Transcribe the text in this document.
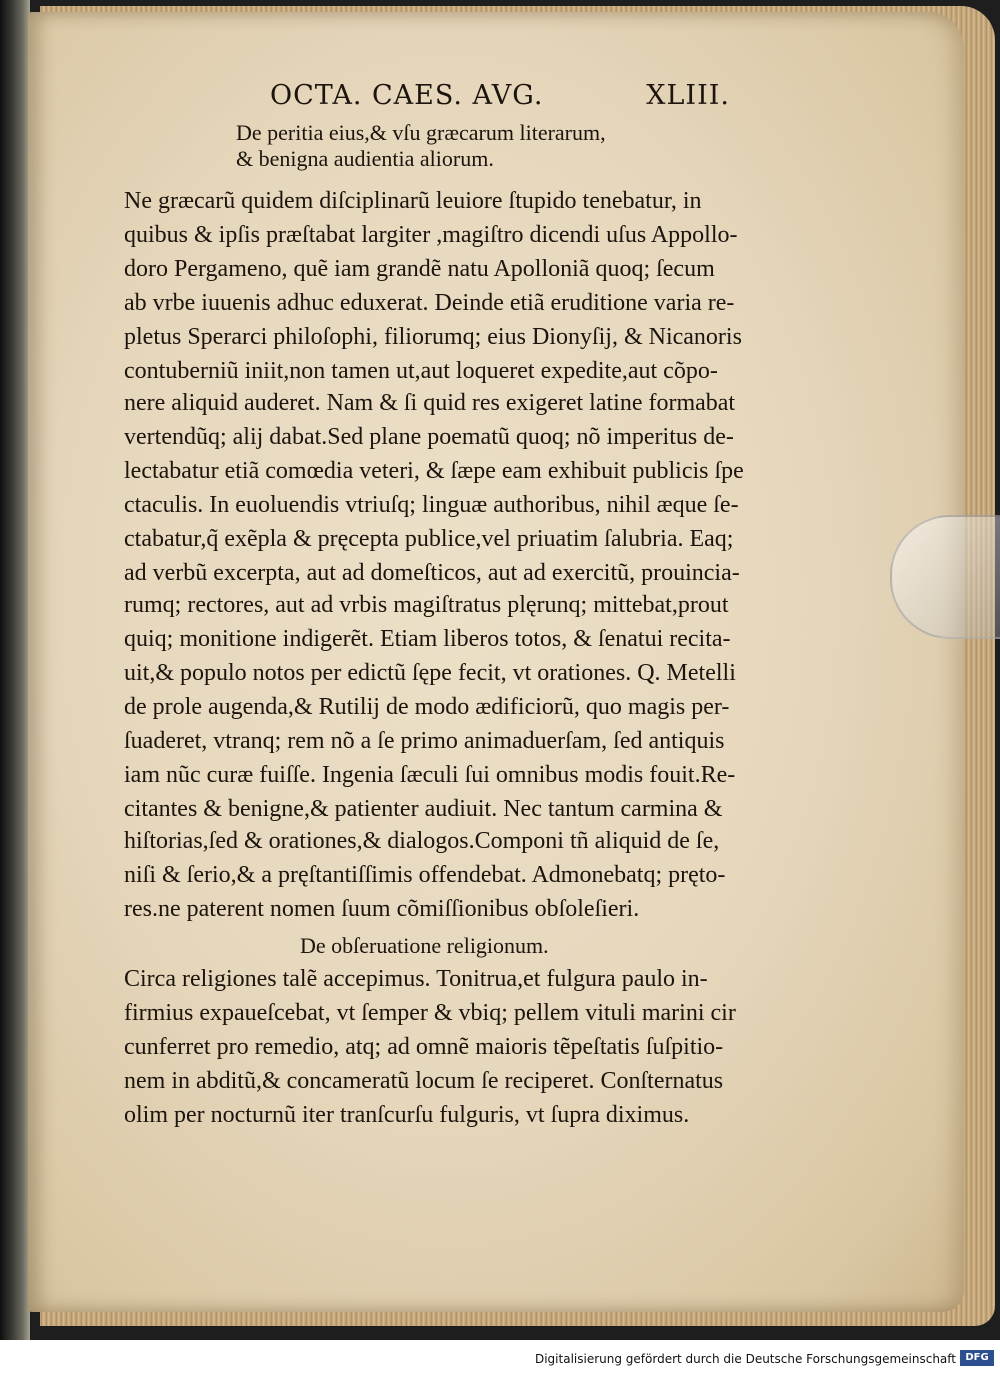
OCTA. CAES. AVG.	XLIII.
De peritia eius,& vſu græcarum literarum,
& benigna audientia aliorum.
Ne græcarũ quidem diſciplinarũ leuiore ſtupido tenebatur, in
quibus & ipſis præſtabat largiter ,magiſtro dicendi uſus Appollo-
doro Pergameno, quẽ iam grandẽ natu Apolloniã quoq; ſecum
ab vrbe iuuenis adhuc eduxerat. Deinde etiã eruditione varia re-
pletus Sperarci philoſophi, filiorumq; eius Dionyſij, & Nicanoris
contuberniũ iniit,non tamen ut,aut loqueret expedite,aut cõpo-
nere aliquid auderet. Nam & ſi quid res exigeret latine formabat
vertendũq; alij dabat.Sed plane poematũ quoq; nõ imperitus de-
lectabatur etiã comœdia veteri, & ſæpe eam exhibuit publicis ſpe
ctaculis. In euoluendis vtriuſq; linguæ authoribus, nihil æque ſe-
ctabatur,q̃ exẽpla & pręcepta publice,vel priuatim ſalubria. Eaq;
ad verbũ excerpta, aut ad domeſticos, aut ad exercitũ, prouincia-
rumq; rectores, aut ad vrbis magiſtratus plęrunq; mittebat,prout
quiq; monitione indigerẽt. Etiam liberos totos, & ſenatui recita-
uit,& populo notos per edictũ ſępe fecit, vt orationes. Q. Metelli
de prole augenda,& Rutilij de modo ædificiorũ, quo magis per-
ſuaderet, vtranq; rem nõ a ſe primo animaduerſam, ſed antiquis
iam nũc curæ fuiſſe. Ingenia ſæculi ſui omnibus modis fouit.Re-
citantes & benigne,& patienter audiuit. Nec tantum carmina &
hiſtorias,ſed & orationes,& dialogos.Componi tñ aliquid de ſe,
niſi & ſerio,& a pręſtantiſſimis offendebat. Admonebatq; pręto-
res.ne paterent nomen ſuum cõmiſſionibus obſoleſieri.
De obſeruatione religionum.
Circa religiones talẽ accepimus. Tonitrua,et fulgura paulo in-
firmius expaueſcebat, vt ſemper & vbiq; pellem vituli marini cir
cunferret pro remedio, atq; ad omnẽ maioris tẽpeſtatis ſuſpitio-
nem in abditũ,& concameratũ locum ſe reciperet. Conſternatus
olim per nocturnũ iter tranſcurſu fulguris, vt ſupra diximus.
Digitalisierung gefördert durch die Deutsche Forschungsgemeinschaft DFG
